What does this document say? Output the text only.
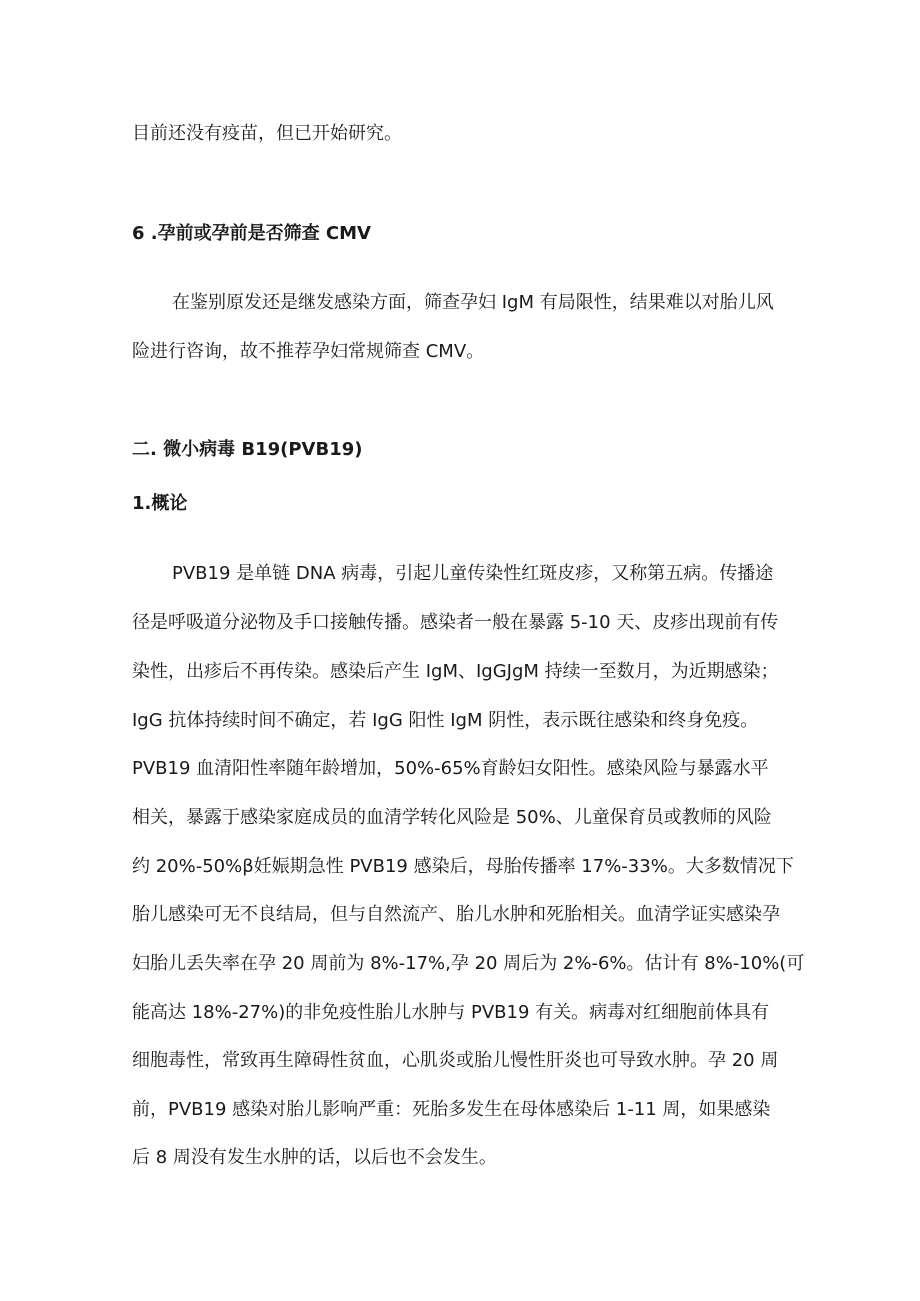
目前还没有疫苗，但已开始研究。

6 .孕前或孕前是否筛查 CMV

在鉴别原发还是继发感染方面，筛查孕妇 IgM 有局限性，结果难以对胎儿风

险进行咨询，故不推荐孕妇常规筛查 CMV。

二. 微小病毒 B19(PVB19)

1.概论

PVB19 是单链 DNA 病毒，引起儿童传染性红斑皮疹，又称第五病。传播途

径是呼吸道分泌物及手口接触传播。感染者一般在暴露 5-10 天、皮疹出现前有传

染性，出疹后不再传染。感染后产生 IgM、IgGJgM 持续一至数月，为近期感染；

IgG 抗体持续时间不确定，若 IgG 阳性 IgM 阴性，表示既往感染和终身免疫。

PVB19 血清阳性率随年龄增加，50%-65%育龄妇女阳性。感染风险与暴露水平

相关，暴露于感染家庭成员的血清学转化风险是 50%、儿童保育员或教师的风险

约 20%-50%β妊娠期急性 PVB19 感染后，母胎传播率 17%-33%。大多数情况下

胎儿感染可无不良结局，但与自然流产、胎儿水肿和死胎相关。血清学证实感染孕

妇胎儿丢失率在孕 20 周前为 8%-17%,孕 20 周后为 2%-6%。估计有 8%-10%(可

能高达 18%-27%)的非免疫性胎儿水肿与 PVB19 有关。病毒对红细胞前体具有

细胞毒性，常致再生障碍性贫血，心肌炎或胎儿慢性肝炎也可导致水肿。孕 20 周

前，PVB19 感染对胎儿影响严重：死胎多发生在母体感染后 1-11 周，如果感染

后 8 周没有发生水肿的话，以后也不会发生。
